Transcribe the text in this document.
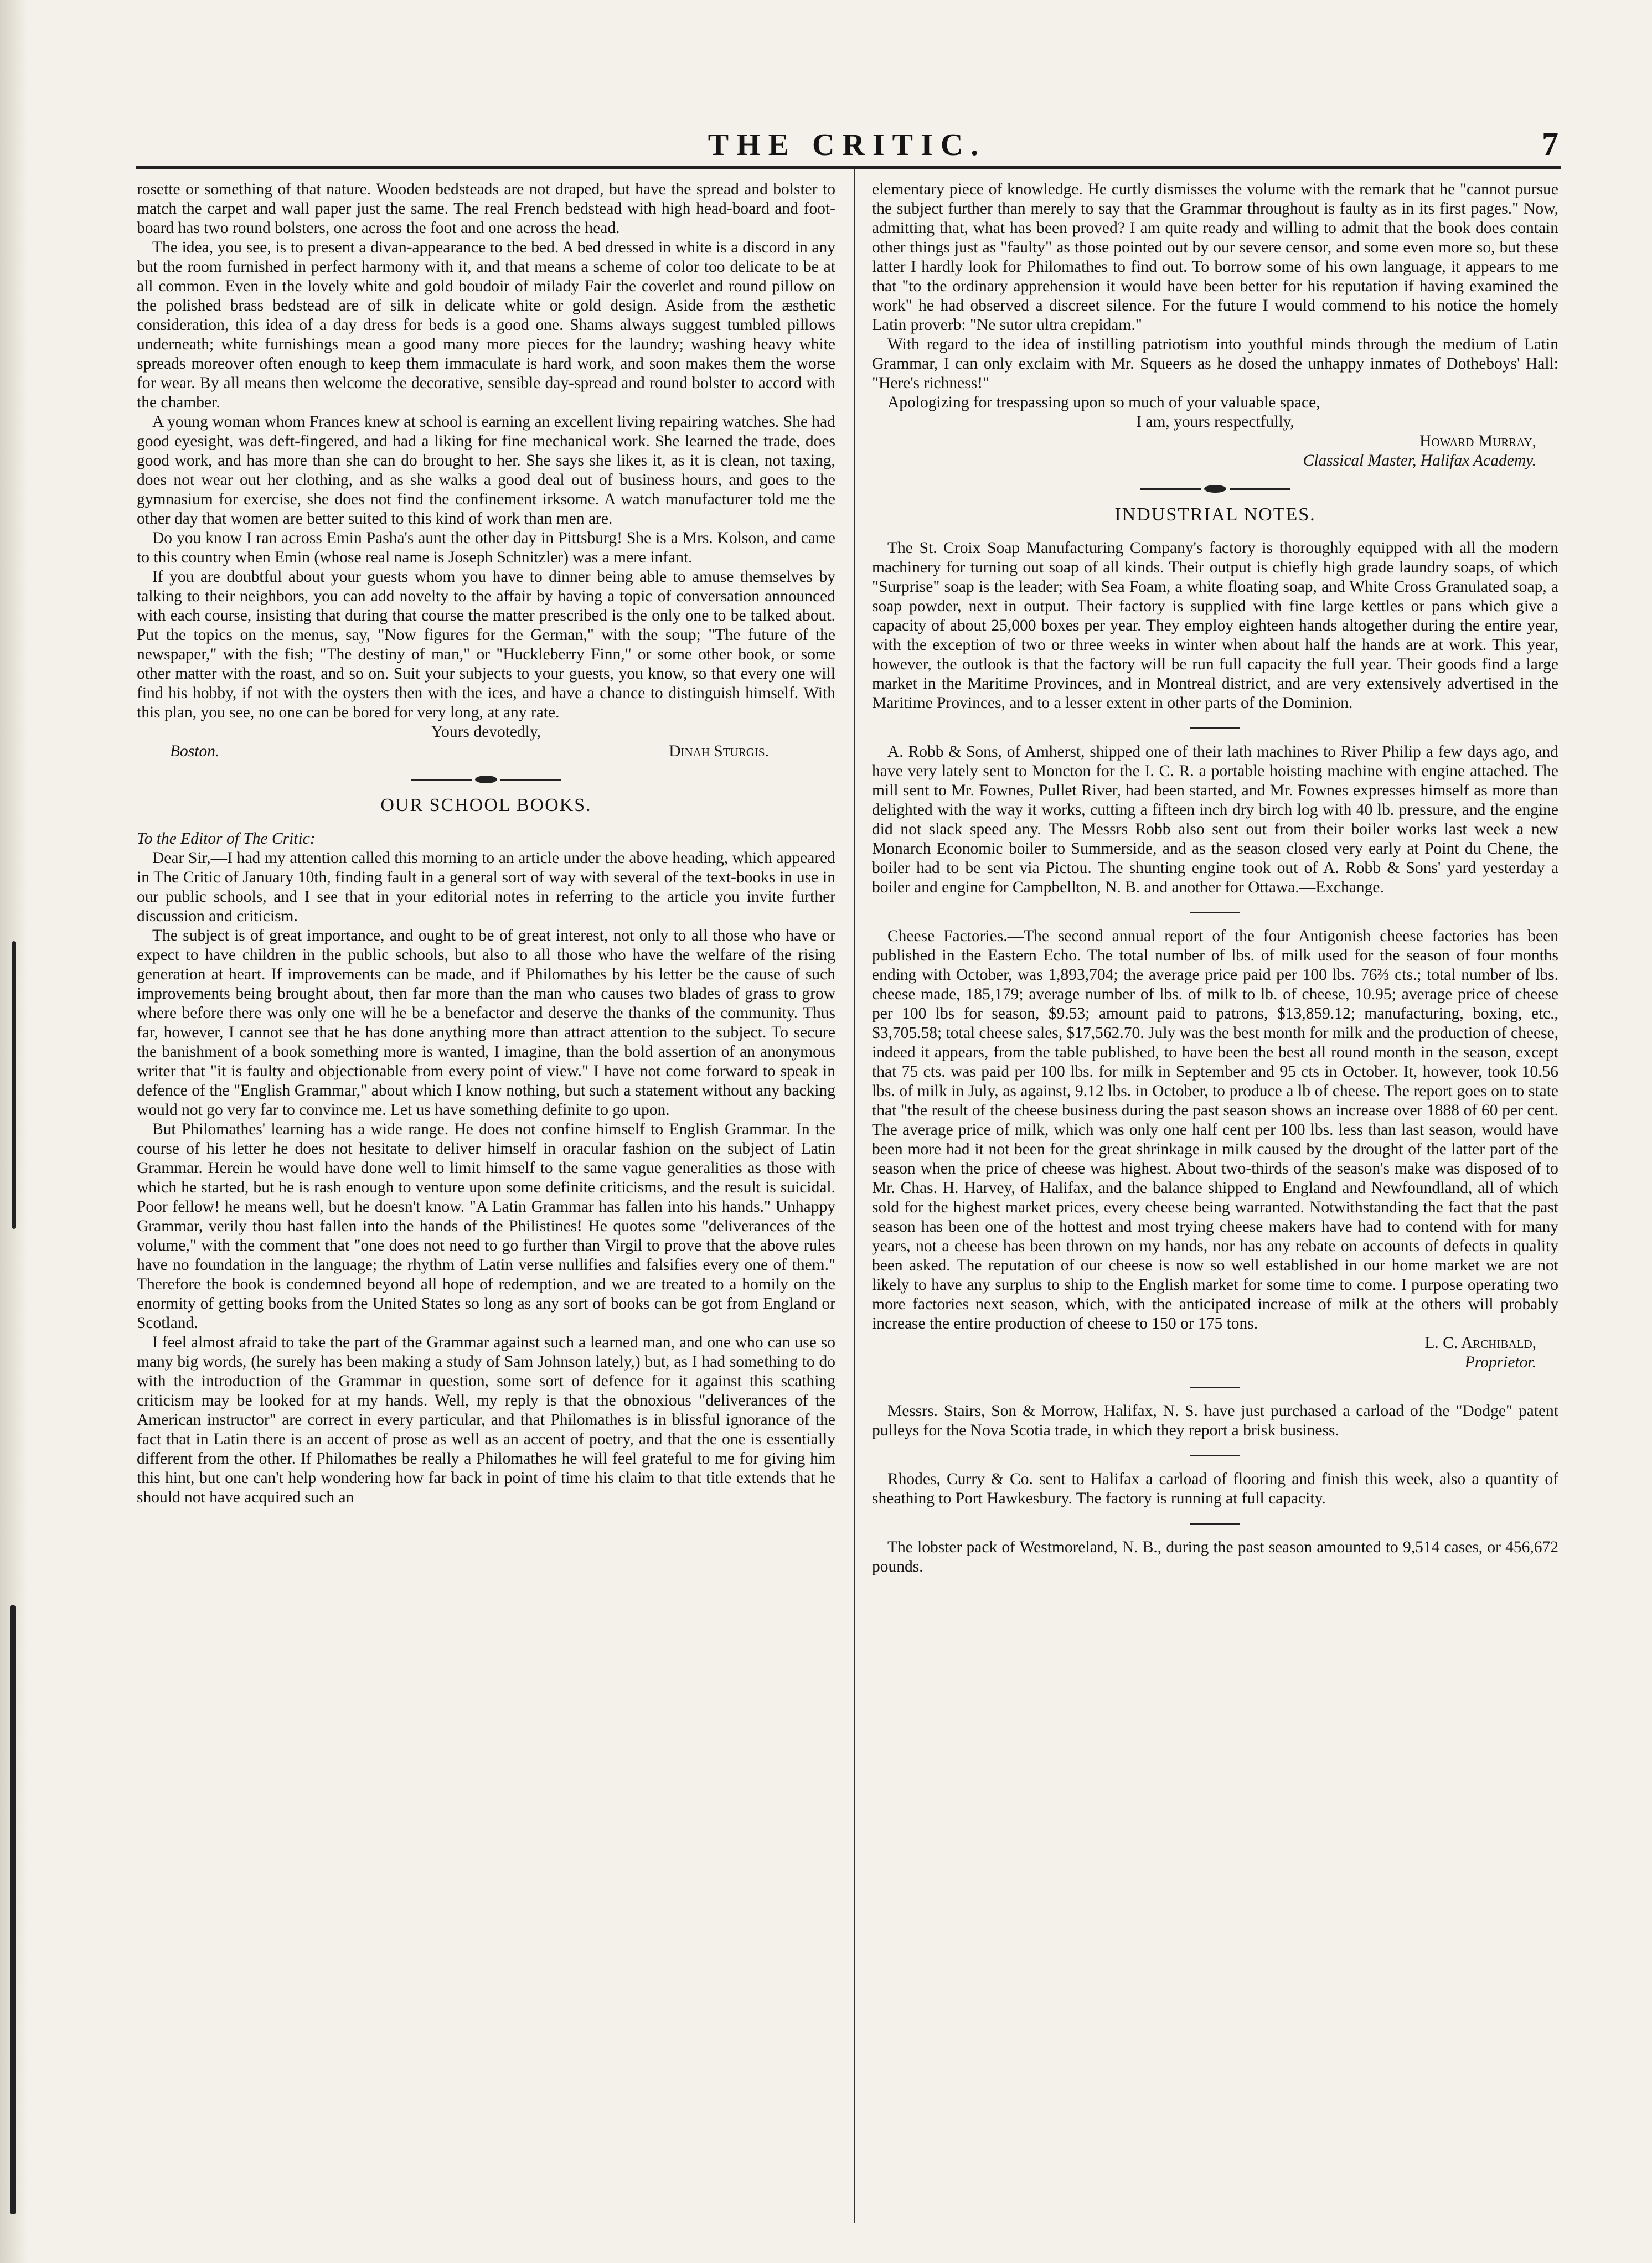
THE CRITIC.	7

rosette or something of that nature. Wooden bedsteads are not draped, but have the spread and bolster to match the carpet and wall paper just the same. The real French bedstead with high head-board and foot-board has two round bolsters, one across the foot and one across the head.

The idea, you see, is to present a divan-appearance to the bed. A bed dressed in white is a discord in any but the room furnished in perfect harmony with it, and that means a scheme of color too delicate to be at all common. Even in the lovely white and gold boudoir of milady Fair the coverlet and round pillow on the polished brass bedstead are of silk in delicate white or gold design. Aside from the æsthetic consideration, this idea of a day dress for beds is a good one. Shams always suggest tumbled pillows underneath; white furnishings mean a good many more pieces for the laundry; washing heavy white spreads moreover often enough to keep them immaculate is hard work, and soon makes them the worse for wear. By all means then welcome the decorative, sensible day-spread and round bolster to accord with the chamber.

A young woman whom Frances knew at school is earning an excellent living repairing watches. She had good eyesight, was deft-fingered, and had a liking for fine mechanical work. She learned the trade, does good work, and has more than she can do brought to her. She says she likes it, as it is clean, not taxing, does not wear out her clothing, and as she walks a good deal out of business hours, and goes to the gymnasium for exercise, she does not find the confinement irksome. A watch manufacturer told me the other day that women are better suited to this kind of work than men are.

Do you know I ran across Emin Pasha's aunt the other day in Pittsburg! She is a Mrs. Kolson, and came to this country when Emin (whose real name is Joseph Schnitzler) was a mere infant.

If you are doubtful about your guests whom you have to dinner being able to amuse themselves by talking to their neighbors, you can add novelty to the affair by having a topic of conversation announced with each course, insisting that during that course the matter prescribed is the only one to be talked about. Put the topics on the menus, say, "Now figures for the German," with the soup; "The future of the newspaper," with the fish; "The destiny of man," or "Huckleberry Finn," or some other book, or some other matter with the roast, and so on. Suit your subjects to your guests, you know, so that every one will find his hobby, if not with the oysters then with the ices, and have a chance to distinguish himself. With this plan, you see, no one can be bored for very long, at any rate.

Yours devotedly,
Boston.	Dinah Sturgis.
OUR SCHOOL BOOKS.

To the Editor of The Critic:

Dear Sir,—I had my attention called this morning to an article under the above heading, which appeared in The Critic of January 10th, finding fault in a general sort of way with several of the text-books in use in our public schools, and I see that in your editorial notes in referring to the article you invite further discussion and criticism.

The subject is of great importance, and ought to be of great interest, not only to all those who have or expect to have children in the public schools, but also to all those who have the welfare of the rising generation at heart. If improvements can be made, and if Philomathes by his letter be the cause of such improvements being brought about, then far more than the man who causes two blades of grass to grow where before there was only one will he be a benefactor and deserve the thanks of the community. Thus far, however, I cannot see that he has done anything more than attract attention to the subject. To secure the banishment of a book something more is wanted, I imagine, than the bold assertion of an anonymous writer that "it is faulty and objectionable from every point of view." I have not come forward to speak in defence of the "English Grammar," about which I know nothing, but such a statement without any backing would not go very far to convince me. Let us have something definite to go upon.

But Philomathes' learning has a wide range. He does not confine himself to English Grammar. In the course of his letter he does not hesitate to deliver himself in oracular fashion on the subject of Latin Grammar. Herein he would have done well to limit himself to the same vague generalities as those with which he started, but he is rash enough to venture upon some definite criticisms, and the result is suicidal. Poor fellow! he means well, but he doesn't know. "A Latin Grammar has fallen into his hands." Unhappy Grammar, verily thou hast fallen into the hands of the Philistines! He quotes some "deliverances of the volume," with the comment that "one does not need to go further than Virgil to prove that the above rules have no foundation in the language; the rhythm of Latin verse nullifies and falsifies every one of them." Therefore the book is condemned beyond all hope of redemption, and we are treated to a homily on the enormity of getting books from the United States so long as any sort of books can be got from England or Scotland.

I feel almost afraid to take the part of the Grammar against such a learned man, and one who can use so many big words, (he surely has been making a study of Sam Johnson lately,) but, as I had something to do with the introduction of the Grammar in question, some sort of defence for it against this scathing criticism may be looked for at my hands. Well, my reply is that the obnoxious "deliverances of the American instructor" are correct in every particular, and that Philomathes is in blissful ignorance of the fact that in Latin there is an accent of prose as well as an accent of poetry, and that the one is essentially different from the other. If Philomathes be really a Philomathes he will feel grateful to me for giving him this hint, but one can't help wondering how far back in point of time his claim to that title extends that he should not have acquired such an

elementary piece of knowledge. He curtly dismisses the volume with the remark that he "cannot pursue the subject further than merely to say that the Grammar throughout is faulty as in its first pages." Now, admitting that, what has been proved? I am quite ready and willing to admit that the book does contain other things just as "faulty" as those pointed out by our severe censor, and some even more so, but these latter I hardly look for Philomathes to find out. To borrow some of his own language, it appears to me that "to the ordinary apprehension it would have been better for his reputation if having examined the work" he had observed a discreet silence. For the future I would commend to his notice the homely Latin proverb: "Ne sutor ultra crepidam."

With regard to the idea of instilling patriotism into youthful minds through the medium of Latin Grammar, I can only exclaim with Mr. Squeers as he dosed the unhappy inmates of Dotheboys' Hall: "Here's richness!"

Apologizing for trespassing upon so much of your valuable space,

I am, yours respectfully,
Howard Murray,
Classical Master, Halifax Academy.
INDUSTRIAL NOTES.

The St. Croix Soap Manufacturing Company's factory is thoroughly equipped with all the modern machinery for turning out soap of all kinds. Their output is chiefly high grade laundry soaps, of which "Surprise" soap is the leader; with Sea Foam, a white floating soap, and White Cross Granulated soap, a soap powder, next in output. Their factory is supplied with fine large kettles or pans which give a capacity of about 25,000 boxes per year. They employ eighteen hands altogether during the entire year, with the exception of two or three weeks in winter when about half the hands are at work. This year, however, the outlook is that the factory will be run full capacity the full year. Their goods find a large market in the Maritime Provinces, and in Montreal district, and are very extensively advertised in the Maritime Provinces, and to a lesser extent in other parts of the Dominion.

A. Robb & Sons, of Amherst, shipped one of their lath machines to River Philip a few days ago, and have very lately sent to Moncton for the I. C. R. a portable hoisting machine with engine attached. The mill sent to Mr. Fownes, Pullet River, had been started, and Mr. Fownes expresses himself as more than delighted with the way it works, cutting a fifteen inch dry birch log with 40 lb. pressure, and the engine did not slack speed any. The Messrs Robb also sent out from their boiler works last week a new Monarch Economic boiler to Summerside, and as the season closed very early at Point du Chene, the boiler had to be sent via Pictou. The shunting engine took out of A. Robb & Sons' yard yesterday a boiler and engine for Campbellton, N. B. and another for Ottawa.—Exchange.

Cheese Factories.—The second annual report of the four Antigonish cheese factories has been published in the Eastern Echo. The total number of lbs. of milk used for the season of four months ending with October, was 1,893,704; the average price paid per 100 lbs. 76⅔ cts.; total number of lbs. cheese made, 185,179; average number of lbs. of milk to lb. of cheese, 10.95; average price of cheese per 100 lbs for season, $9.53; amount paid to patrons, $13,859.12; manufacturing, boxing, etc., $3,705.58; total cheese sales, $17,562.70. July was the best month for milk and the production of cheese, indeed it appears, from the table published, to have been the best all round month in the season, except that 75 cts. was paid per 100 lbs. for milk in September and 95 cts in October. It, however, took 10.56 lbs. of milk in July, as against, 9.12 lbs. in October, to produce a lb of cheese. The report goes on to state that "the result of the cheese business during the past season shows an increase over 1888 of 60 per cent. The average price of milk, which was only one half cent per 100 lbs. less than last season, would have been more had it not been for the great shrinkage in milk caused by the drought of the latter part of the season when the price of cheese was highest. About two-thirds of the season's make was disposed of to Mr. Chas. H. Harvey, of Halifax, and the balance shipped to England and Newfoundland, all of which sold for the highest market prices, every cheese being warranted. Notwithstanding the fact that the past season has been one of the hottest and most trying cheese makers have had to contend with for many years, not a cheese has been thrown on my hands, nor has any rebate on accounts of defects in quality been asked. The reputation of our cheese is now so well established in our home market we are not likely to have any surplus to ship to the English market for some time to come. I purpose operating two more factories next season, which, with the anticipated increase of milk at the others will probably increase the entire production of cheese to 150 or 175 tons.

L. C. Archibald,
Proprietor.

Messrs. Stairs, Son & Morrow, Halifax, N. S. have just purchased a carload of the "Dodge" patent pulleys for the Nova Scotia trade, in which they report a brisk business.

Rhodes, Curry & Co. sent to Halifax a carload of flooring and finish this week, also a quantity of sheathing to Port Hawkesbury. The factory is running at full capacity.

The lobster pack of Westmoreland, N. B., during the past season amounted to 9,514 cases, or 456,672 pounds.
